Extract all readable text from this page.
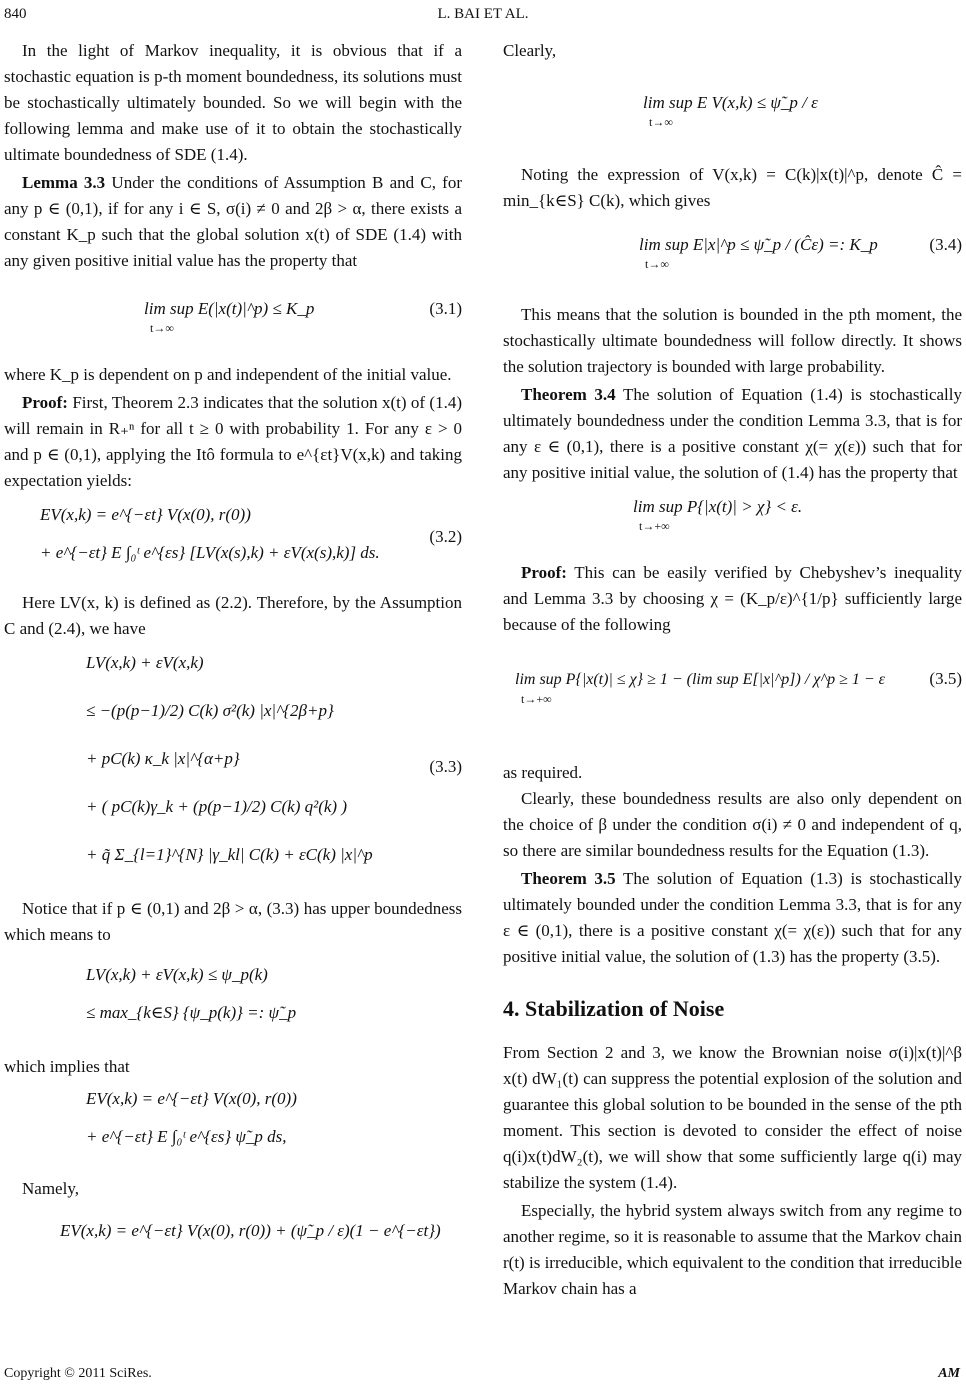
840	L. BAI ET AL.

In the light of Markov inequality, it is obvious that if a stochastic equation is p-th moment boundedness, its solutions must be stochastically ultimately bounded. So we will begin with the following lemma and make use of it to obtain the stochastically ultimate boundedness of SDE (1.4).

Lemma 3.3 Under the conditions of Assumption B and C, for any p ∈ (0,1), if for any i ∈ S, σ(i) ≠ 0 and 2β > α, there exists a constant K_p such that the global solution x(t) of SDE (1.4) with any given positive initial value has the property that

lim sup E(|x(t)|^p) ≤ K_p
t→∞
(3.1)

where K_p is dependent on p and independent of the initial value.

Proof: First, Theorem 2.3 indicates that the solution x(t) of (1.4) will remain in R₊ⁿ for all t ≥ 0 with probability 1. For any ε > 0 and p ∈ (0,1), applying the Itô formula to e^{εt}V(x,k) and taking expectation yields:

EV(x,k) = e^{−εt} V(x(0), r(0))
+ e^{−εt} E ∫₀ᵗ e^{εs} [LV(x(s),k) + εV(x(s),k)] ds.
(3.2)

Here LV(x, k) is defined as (2.2). Therefore, by the Assumption C and (2.4), we have

LV(x,k) + εV(x,k)
≤ −(p(p−1)/2) C(k) σ²(k) |x|^{2β+p}
+ pC(k) κ_k |x|^{α+p}
+ ( pC(k)γ_k + (p(p−1)/2) C(k) q²(k) )
+ q̃ Σ_{l=1}^{N} |γ_kl| C(k) + εC(k) |x|^p
(3.3)

Notice that if p ∈ (0,1) and 2β > α, (3.3) has upper boundedness which means to

LV(x,k) + εV(x,k) ≤ ψ_p(k)
≤ max_{k∈S} {ψ_p(k)} =: ψ̃_p

which implies that

EV(x,k) = e^{−εt} V(x(0), r(0))
+ e^{−εt} E ∫₀ᵗ e^{εs} ψ̃_p ds,

Namely,

EV(x,k) = e^{−εt} V(x(0), r(0)) + (ψ̃_p / ε)(1 − e^{−εt})

Clearly,

lim sup E V(x,k) ≤ ψ̃_p / ε
t→∞

Noting the expression of V(x,k) = C(k)|x(t)|^p, denote Ĉ = min_{k∈S} C(k), which gives

lim sup E|x|^p ≤ ψ̃_p / (Ĉε) =: K_p
t→∞
(3.4)

This means that the solution is bounded in the pth moment, the stochastically ultimate boundedness will follow directly. It shows the solution trajectory is bounded with large probability.

Theorem 3.4 The solution of Equation (1.4) is stochastically ultimately boundedness under the condition Lemma 3.3, that is for any ε ∈ (0,1), there is a positive constant χ(= χ(ε)) such that for any positive initial value, the solution of (1.4) has the property that

lim sup P{|x(t)| > χ} < ε.
t→+∞

Proof: This can be easily verified by Chebyshev’s inequality and Lemma 3.3 by choosing χ = (K_p/ε)^{1/p} sufficiently large because of the following

lim sup P{|x(t)| ≤ χ} ≥ 1 − (lim sup E[|x|^p]) / χ^p ≥ 1 − ε
t→+∞
(3.5)

as required.

Clearly, these boundedness results are also only dependent on the choice of β under the condition σ(i) ≠ 0 and independent of q, so there are similar boundedness results for the Equation (1.3).

Theorem 3.5 The solution of Equation (1.3) is stochastically ultimately bounded under the condition Lemma 3.3, that is for any ε ∈ (0,1), there is a positive constant χ(= χ(ε)) such that for any positive initial value, the solution of (1.3) has the property (3.5).

4. Stabilization of Noise

From Section 2 and 3, we know the Brownian noise σ(i)|x(t)|^β x(t) dW₁(t) can suppress the potential explosion of the solution and guarantee this global solution to be bounded in the sense of the pth moment. This section is devoted to consider the effect of noise q(i)x(t)dW₂(t), we will show that some sufficiently large q(i) may stabilize the system (1.4).

Especially, the hybrid system always switch from any regime to another regime, so it is reasonable to assume that the Markov chain r(t) is irreducible, which equivalent to the condition that irreducible Markov chain has a

Copyright © 2011 SciRes.	AM
